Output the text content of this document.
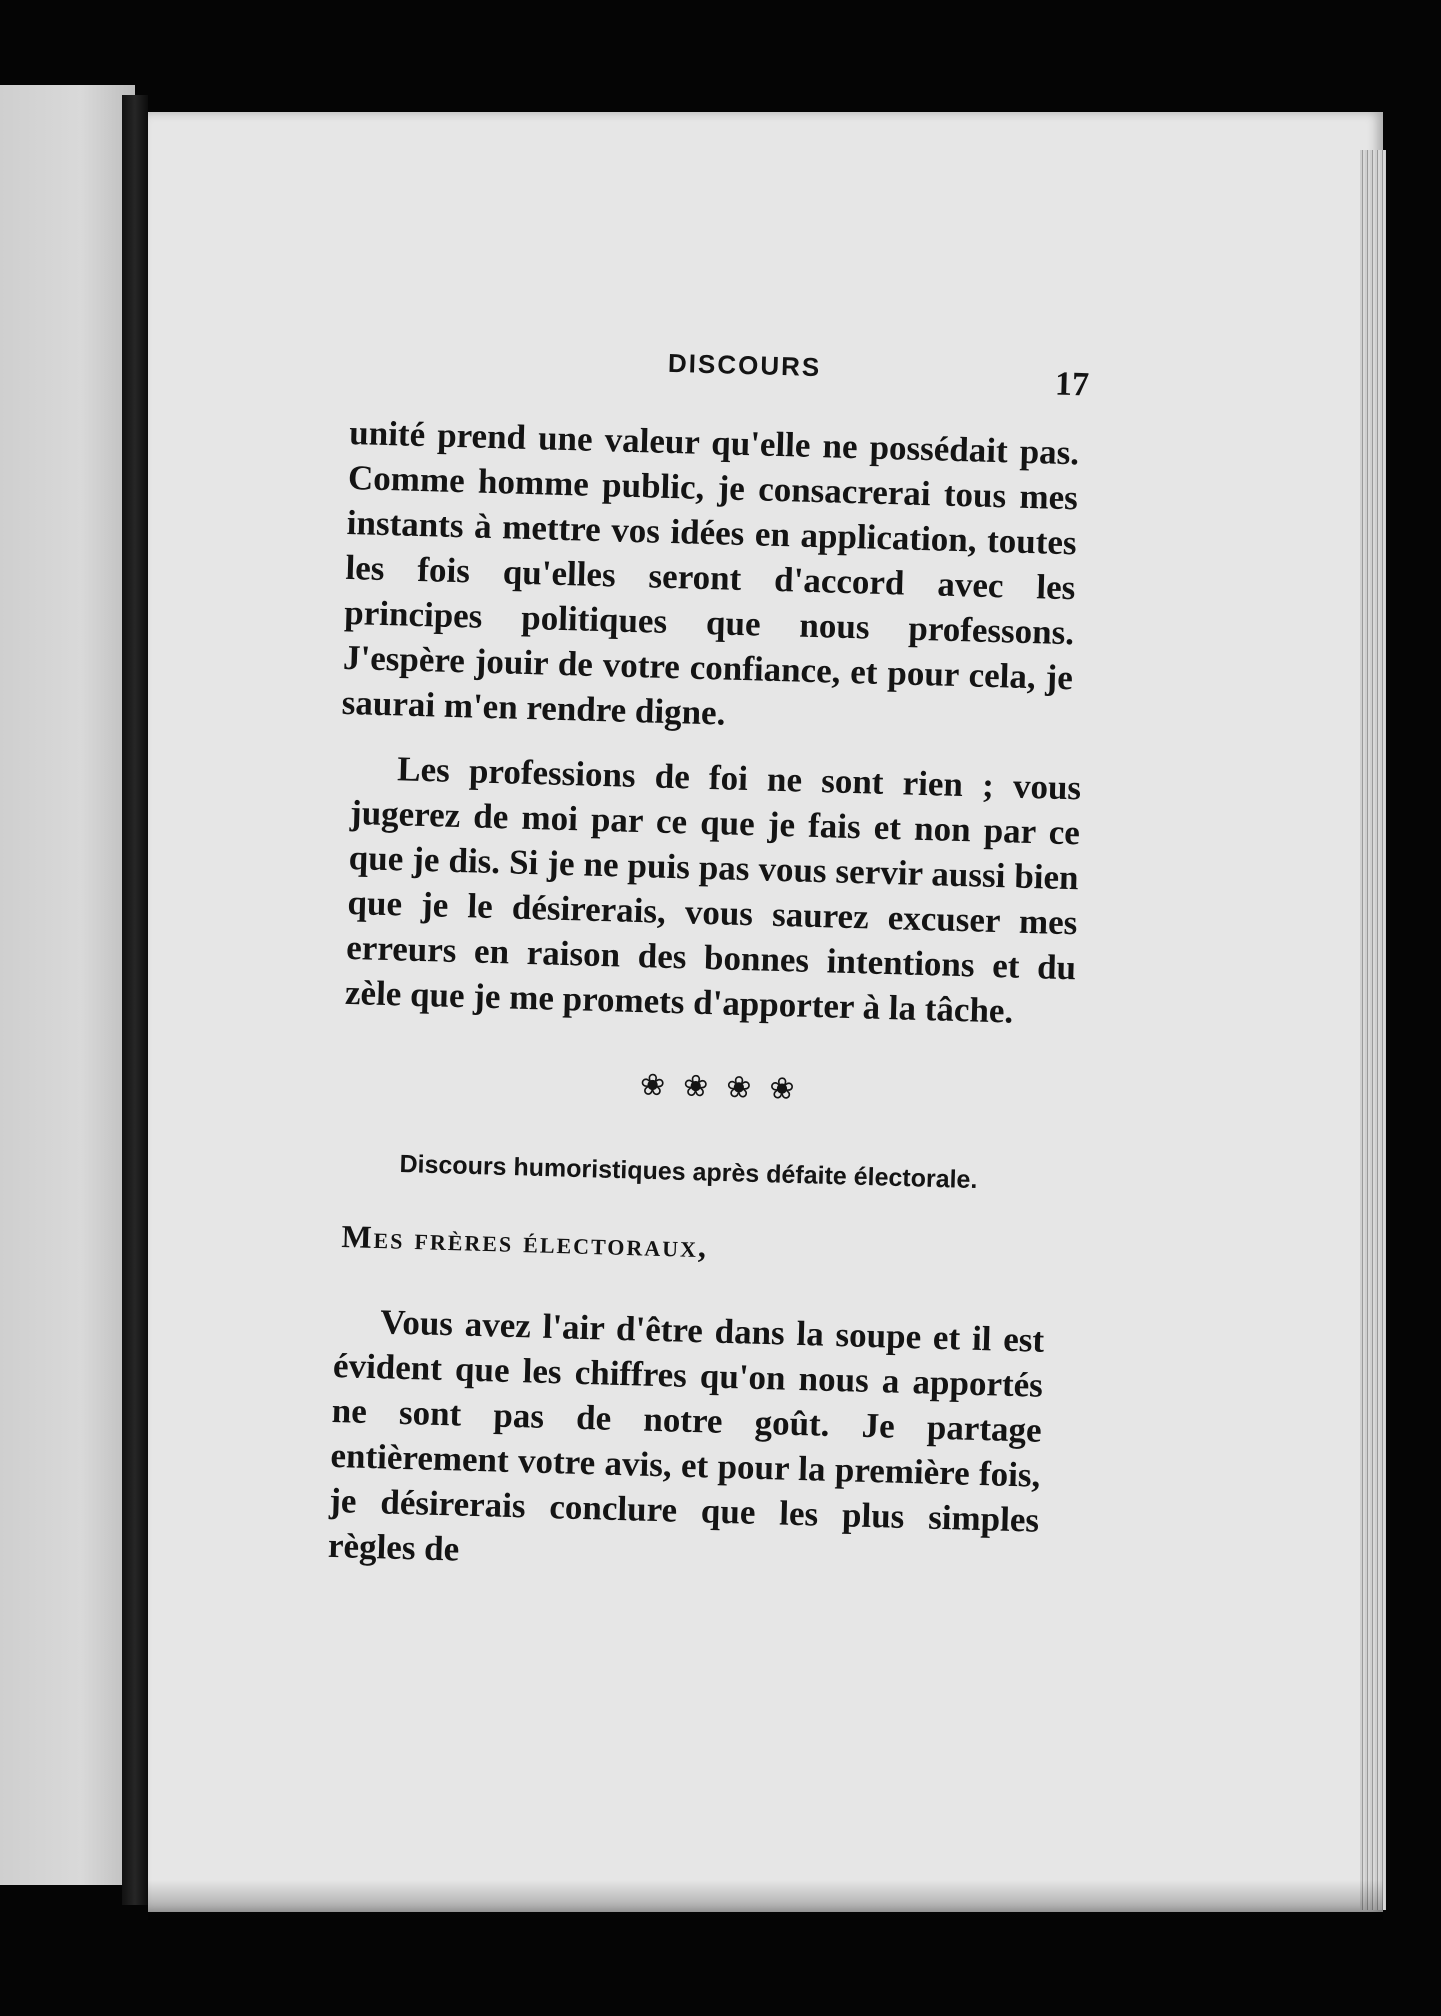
DISCOURS
17

unité prend une valeur qu'elle ne possédait pas. Comme homme public, je consacrerai tous mes instants à mettre vos idées en application, toutes les fois qu'elles seront d'accord avec les principes politiques que nous professons. J'espère jouir de votre confiance, et pour cela, je saurai m'en rendre digne.

Les professions de foi ne sont rien ; vous jugerez de moi par ce que je fais et non par ce que je dis. Si je ne puis pas vous servir aussi bien que je le désirerais, vous saurez excuser mes erreurs en raison des bonnes intentions et du zèle que je me promets d'apporter à la tâche.

❀❀❀❀
Discours humoristiques après défaite électorale.
Mes frères électoraux,

Vous avez l'air d'être dans la soupe et il est évident que les chiffres qu'on nous a apportés ne sont pas de notre goût. Je partage entièrement votre avis, et pour la première fois, je désirerais conclure que les plus simples règles de
